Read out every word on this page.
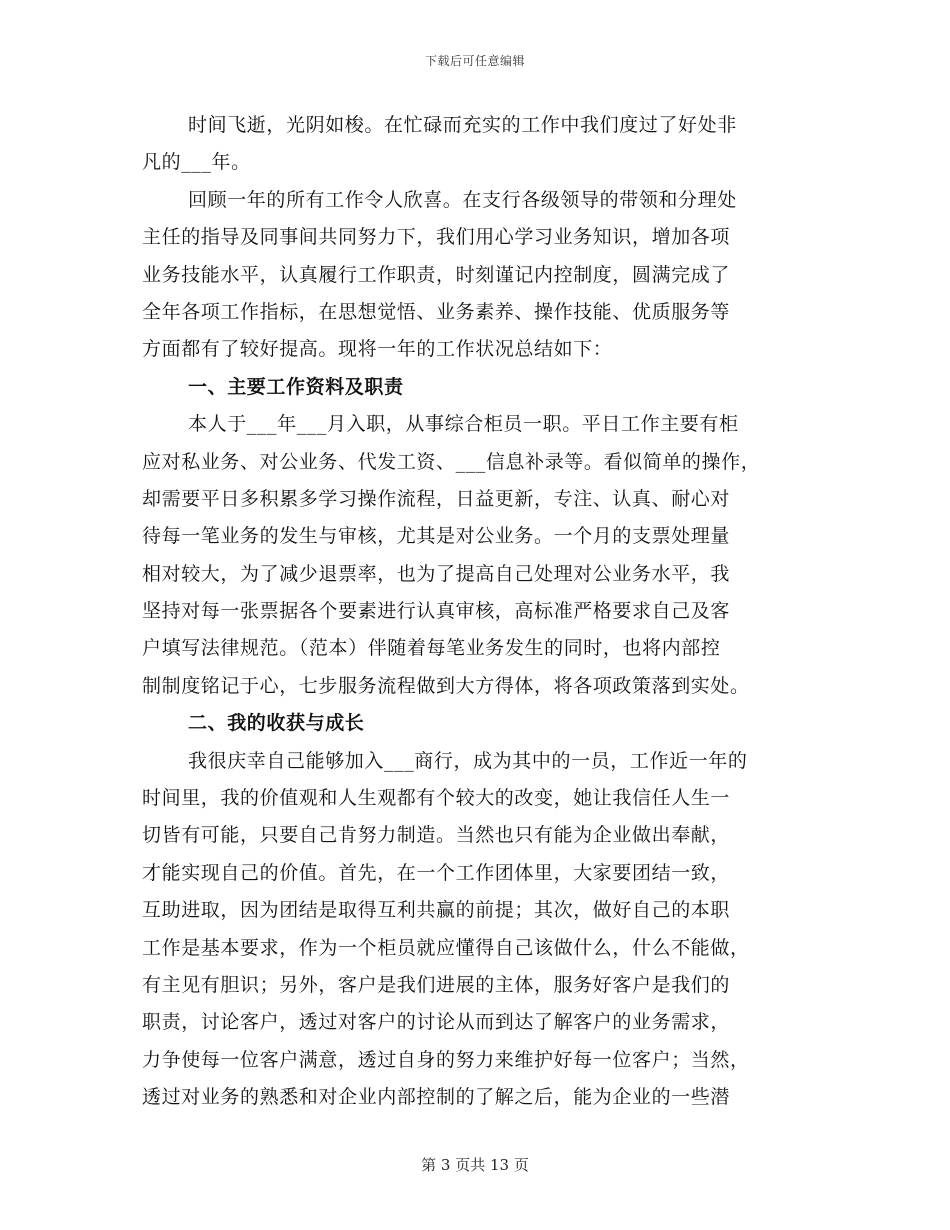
下载后可任意编辑
时间飞逝，光阴如梭。在忙碌而充实的工作中我们度过了好处非
凡的___年。
回顾一年的所有工作令人欣喜。在支行各级领导的带领和分理处
主任的指导及同事间共同努力下，我们用心学习业务知识，增加各项
业务技能水平，认真履行工作职责，时刻谨记内控制度，圆满完成了
全年各项工作指标，在思想觉悟、业务素养、操作技能、优质服务等
方面都有了较好提高。现将一年的工作状况总结如下：
一、主要工作资料及职责
本人于___年___月入职，从事综合柜员一职。平日工作主要有柜
应对私业务、对公业务、代发工资、___信息补录等。看似简单的操作，
却需要平日多积累多学习操作流程，日益更新，专注、认真、耐心对
待每一笔业务的发生与审核，尤其是对公业务。一个月的支票处理量
相对较大，为了减少退票率，也为了提高自己处理对公业务水平，我
坚持对每一张票据各个要素进行认真审核，高标准严格要求自己及客
户填写法律规范。（范本）伴随着每笔业务发生的同时，也将内部控
制制度铭记于心，七步服务流程做到大方得体，将各项政策落到实处。
二、我的收获与成长
我很庆幸自己能够加入___商行，成为其中的一员，工作近一年的
时间里，我的价值观和人生观都有个较大的改变，她让我信任人生一
切皆有可能，只要自己肯努力制造。当然也只有能为企业做出奉献，
才能实现自己的价值。首先，在一个工作团体里，大家要团结一致，
互助进取，因为团结是取得互利共赢的前提；其次，做好自己的本职
工作是基本要求，作为一个柜员就应懂得自己该做什么，什么不能做，
有主见有胆识；另外，客户是我们进展的主体，服务好客户是我们的
职责，讨论客户，透过对客户的讨论从而到达了解客户的业务需求，
力争使每一位客户满意，透过自身的努力来维护好每一位客户；当然，
透过对业务的熟悉和对企业内部控制的了解之后，能为企业的一些潜
第 3 页共 13 页
